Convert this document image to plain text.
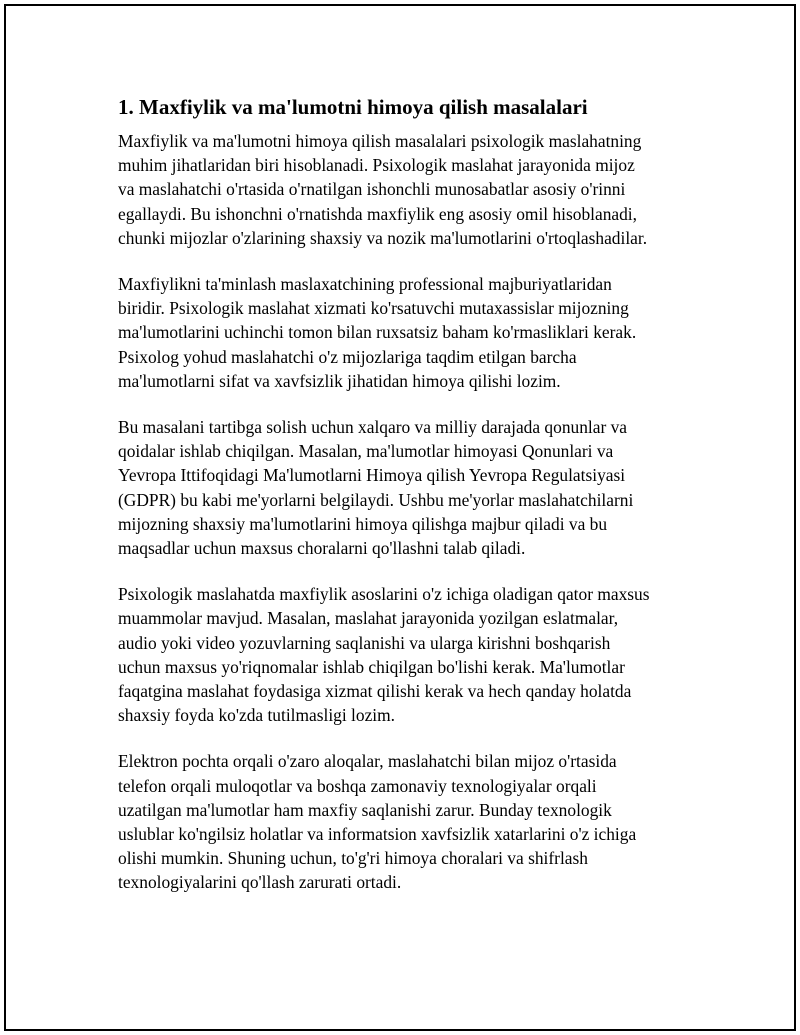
1. Maxfiylik va ma'lumotni himoya qilish masalalari

Maxfiylik va ma'lumotni himoya qilish masalalari psixologik maslahatning
muhim jihatlaridan biri hisoblanadi. Psixologik maslahat jarayonida mijoz
va maslahatchi o'rtasida o'rnatilgan ishonchli munosabatlar asosiy o'rinni
egallaydi. Bu ishonchni o'rnatishda maxfiylik eng asosiy omil hisoblanadi,
chunki mijozlar o'zlarining shaxsiy va nozik ma'lumotlarini o'rtoqlashadilar.

Maxfiylikni ta'minlash maslaxatchining professional majburiyatlaridan
biridir. Psixologik maslahat xizmati ko'rsatuvchi mutaxassislar mijozning
ma'lumotlarini uchinchi tomon bilan ruxsatsiz baham ko'rmasliklari kerak.
Psixolog yohud maslahatchi o'z mijozlariga taqdim etilgan barcha
ma'lumotlarni sifat va xavfsizlik jihatidan himoya qilishi lozim.

Bu masalani tartibga solish uchun xalqaro va milliy darajada qonunlar va
qoidalar ishlab chiqilgan. Masalan, ma'lumotlar himoyasi Qonunlari va
Yevropa Ittifoqidagi Ma'lumotlarni Himoya qilish Yevropa Regulatsiyasi
(GDPR) bu kabi me'yorlarni belgilaydi. Ushbu me'yorlar maslahatchilarni
mijozning shaxsiy ma'lumotlarini himoya qilishga majbur qiladi va bu
maqsadlar uchun maxsus choralarni qo'llashni talab qiladi.

Psixologik maslahatda maxfiylik asoslarini o'z ichiga oladigan qator maxsus
muammolar mavjud. Masalan, maslahat jarayonida yozilgan eslatmalar,
audio yoki video yozuvlarning saqlanishi va ularga kirishni boshqarish
uchun maxsus yo'riqnomalar ishlab chiqilgan bo'lishi kerak. Ma'lumotlar
faqatgina maslahat foydasiga xizmat qilishi kerak va hech qanday holatda
shaxsiy foyda ko'zda tutilmasligi lozim.

Elektron pochta orqali o'zaro aloqalar, maslahatchi bilan mijoz o'rtasida
telefon orqali muloqotlar va boshqa zamonaviy texnologiyalar orqali
uzatilgan ma'lumotlar ham maxfiy saqlanishi zarur. Bunday texnologik
uslublar ko'ngilsiz holatlar va informatsion xavfsizlik xatarlarini o'z ichiga
olishi mumkin. Shuning uchun, to'g'ri himoya choralari va shifrlash
texnologiyalarini qo'llash zarurati ortadi.
